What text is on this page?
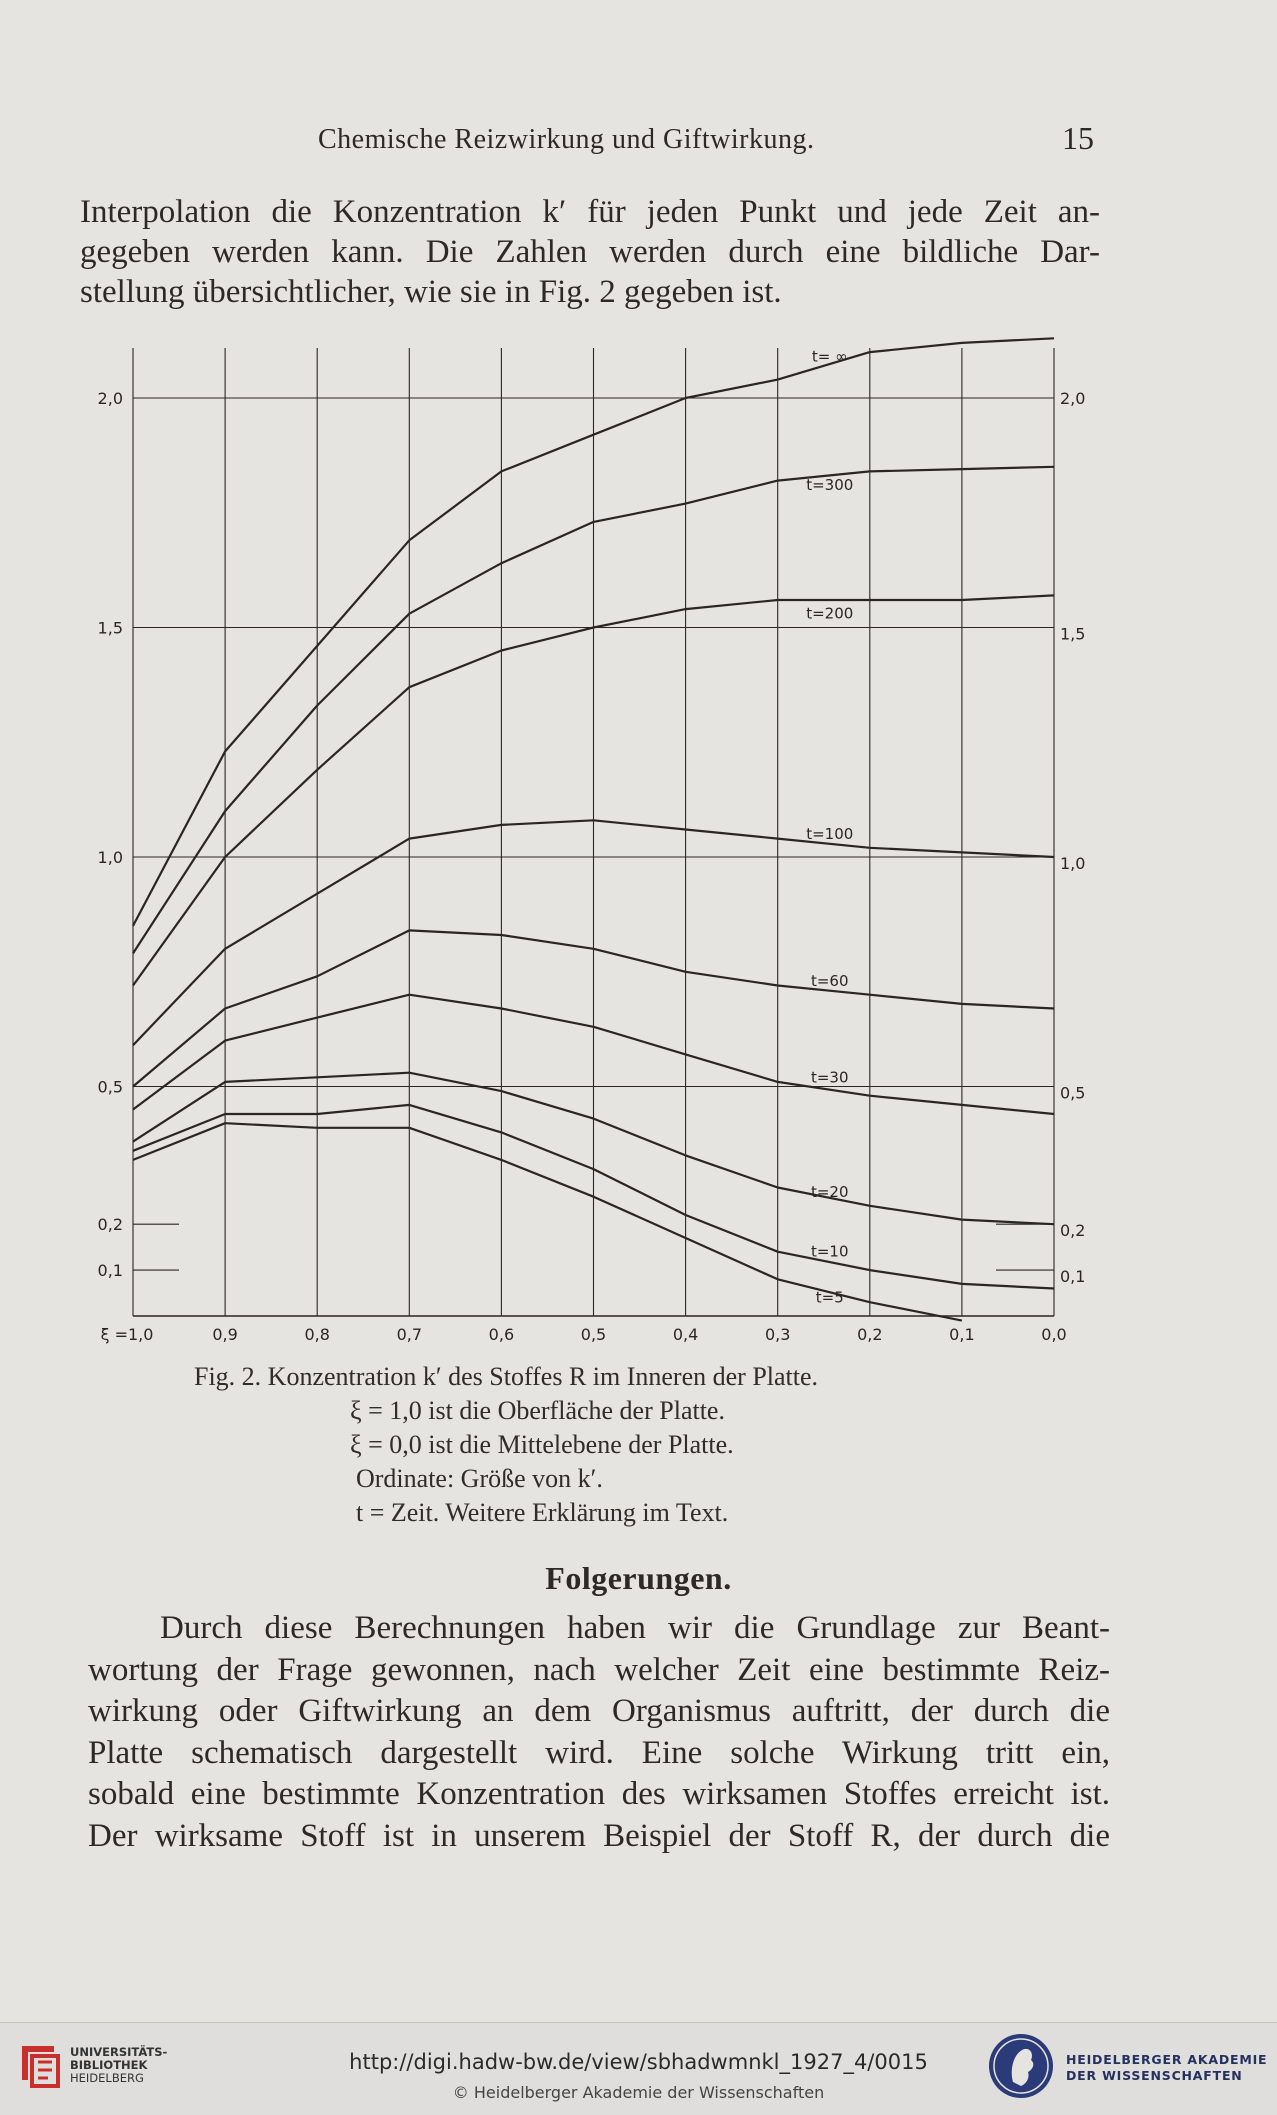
Chemische Reizwirkung und Giftwirkung.	15
Interpolation die Konzentration k′ für jeden Punkt und jede Zeit an-
gegeben werden kann. Die Zahlen werden durch eine bildliche Dar-
stellung übersichtlicher, wie sie in Fig. 2 gegeben ist.
2,0
1,5
1,0
0,5
0,2
0,1
2,0
1,5
1,0
0,5
0,2
0,1
ξ =1,0	0,9	0,8	0,7	0,6	0,5	0,4	0,3	0,2	0,1	0,0
t= ∞
t=300
t=200
t=100
t=60
t=30
t=20
t=10
t=5
Fig. 2. Konzentration k′ des Stoffes R im Inneren der Platte.
ξ = 1,0 ist die Oberfläche der Platte.
ξ = 0,0 ist die Mittelebene der Platte.
Ordinate: Größe von k′.
t = Zeit. Weitere Erklärung im Text.
Folgerungen.
Durch diese Berechnungen haben wir die Grundlage zur Beant-
wortung der Frage gewonnen, nach welcher Zeit eine bestimmte Reiz-
wirkung oder Giftwirkung an dem Organismus auftritt, der durch die
Platte schematisch dargestellt wird. Eine solche Wirkung tritt ein,
sobald eine bestimmte Konzentration des wirksamen Stoffes erreicht ist.
Der wirksame Stoff ist in unserem Beispiel der Stoff R, der durch die
UNIVERSITÄTS-
BIBLIOTHEK
HEIDELBERG
http://digi.hadw-bw.de/view/sbhadwmnkl_1927_4/0015
© Heidelberger Akademie der Wissenschaften
HEIDELBERGER AKADEMIE
DER WISSENSCHAFTEN
